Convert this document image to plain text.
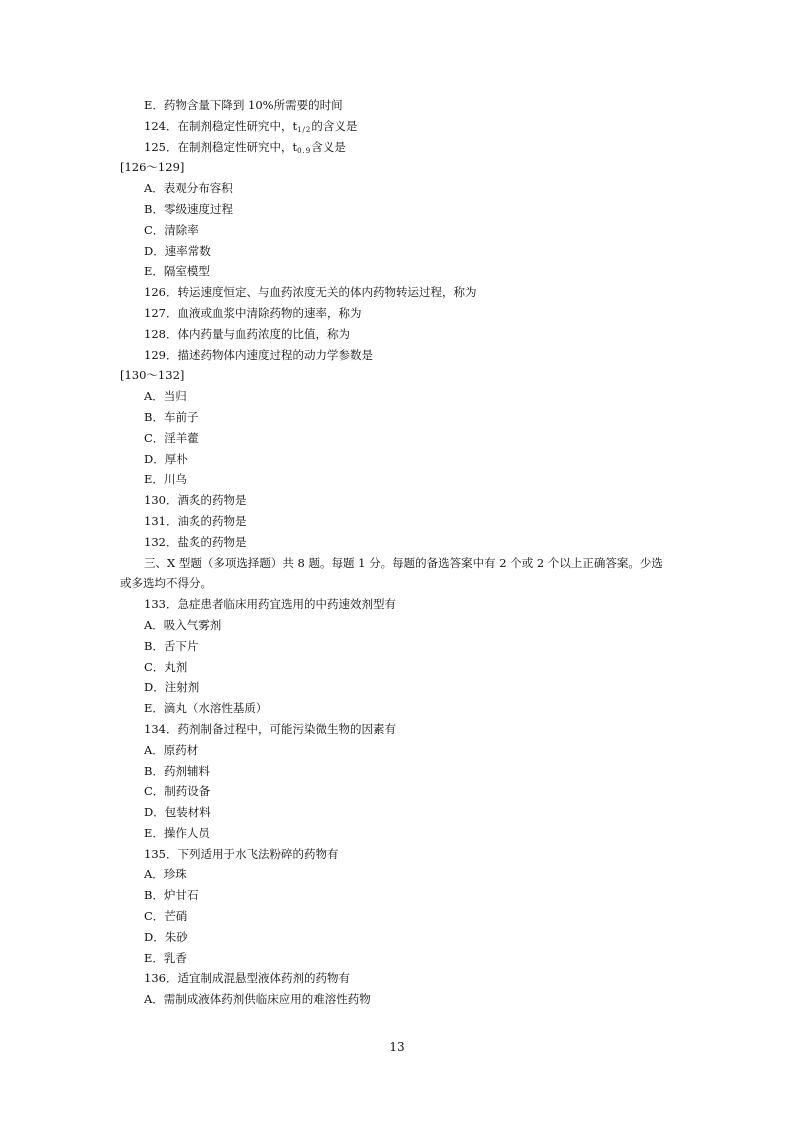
E．药物含量下降到 10%所需要的时间
124．在制剂稳定性研究中，$t_{1/2}$的含义是
125．在制剂稳定性研究中，$t_{0.9}$含义是
[126～129]
A．表观分布容积
B．零级速度过程
C．清除率
D．速率常数
E．隔室模型
126．转运速度恒定、与血药浓度无关的体内药物转运过程，称为
127．血液或血浆中清除药物的速率，称为
128．体内药量与血药浓度的比值，称为
129．描述药物体内速度过程的动力学参数是
[130～132]
A．当归
B．车前子
C．淫羊藿
D．厚朴
E．川乌
130．酒炙的药物是
131．油炙的药物是
132．盐炙的药物是
三、X 型题（多项选择题）共 8 题。每题 1 分。每题的备选答案中有 2 个或 2 个以上正确答案。少选
或多选均不得分。
133．急症患者临床用药宜选用的中药速效剂型有
A．吸入气雾剂
B．舌下片
C．丸剂
D．注射剂
E．滴丸（水溶性基质）
134．药剂制备过程中，可能污染微生物的因素有
A．原药材
B．药剂辅料
C．制药设备
D．包装材料
E．操作人员
135．下列适用于水飞法粉碎的药物有
A．珍珠
B．炉甘石
C．芒硝
D．朱砂
E．乳香
136．适宜制成混悬型液体药剂的药物有
A．需制成液体药剂供临床应用的难溶性药物
13
